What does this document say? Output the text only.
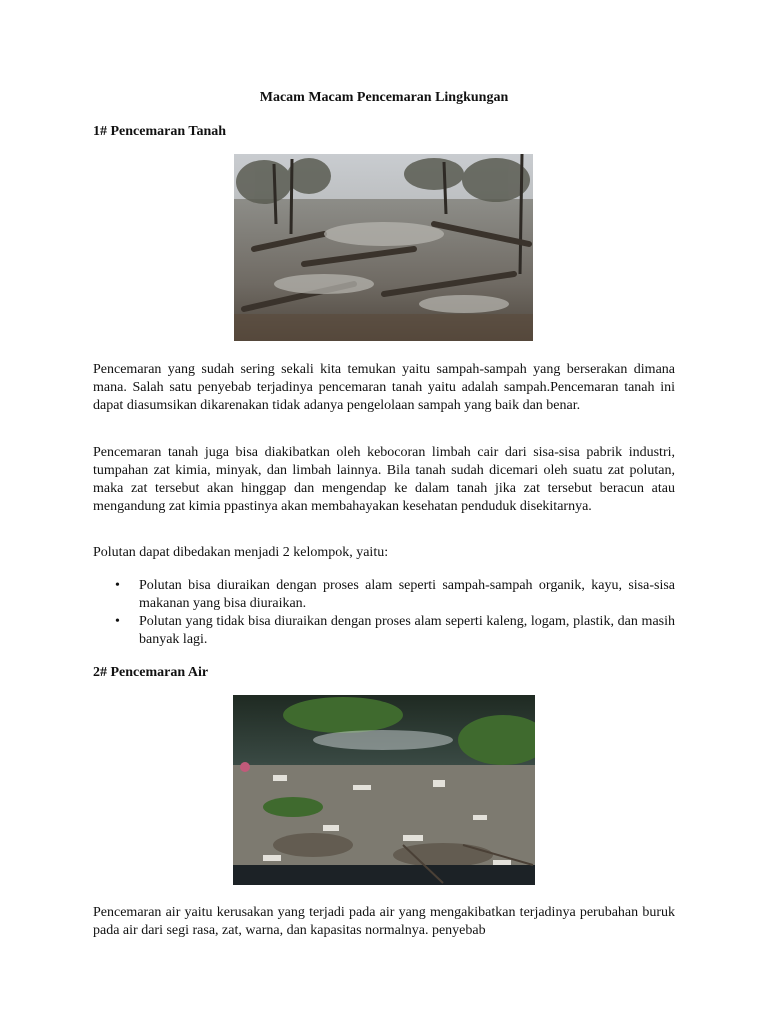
Macam Macam Pencemaran Lingkungan
1# Pencemaran Tanah

Pencemaran yang sudah sering sekali kita temukan yaitu sampah-sampah yang berserakan dimana mana. Salah satu penyebab terjadinya pencemaran tanah yaitu adalah sampah.Pencemaran tanah ini dapat diasumsikan dikarenakan tidak adanya pengelolaan sampah yang baik dan benar.

Pencemaran tanah juga bisa diakibatkan oleh kebocoran limbah cair dari sisa-sisa pabrik industri, tumpahan zat kimia, minyak, dan limbah lainnya. Bila tanah sudah dicemari oleh suatu zat polutan, maka zat tersebut akan hinggap dan mengendap ke dalam tanah jika zat tersebut beracun atau mengandung zat kimia ppastinya akan membahayakan kesehatan penduduk disekitarnya.

Polutan dapat dibedakan menjadi 2 kelompok, yaitu:

• Polutan bisa diuraikan dengan proses alam seperti sampah-sampah organik, kayu, sisa-sisa makanan yang bisa diuraikan.
• Polutan yang tidak bisa diuraikan dengan proses alam seperti kaleng, logam, plastik, dan masih banyak lagi.
2# Pencemaran Air

Pencemaran air yaitu kerusakan yang terjadi pada air yang mengakibatkan terjadinya perubahan buruk pada air dari segi rasa, zat, warna, dan kapasitas normalnya. penyebab
